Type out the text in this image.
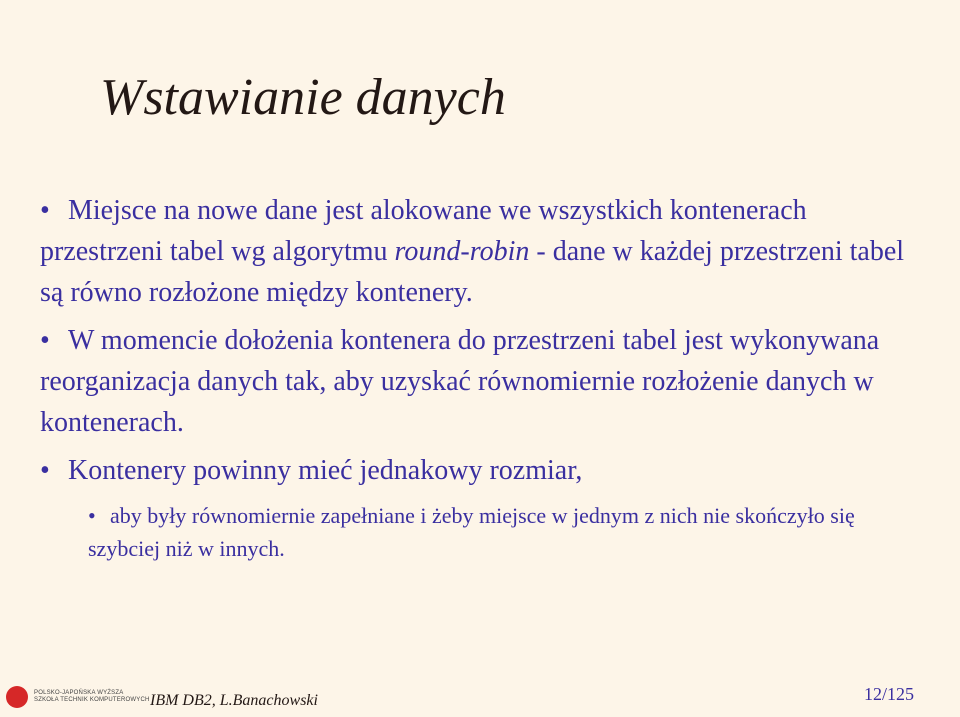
Wstawianie danych
• Miejsce na nowe dane jest alokowane we wszystkich kontenerach przestrzeni tabel wg algorytmu round-robin - dane w każdej przestrzeni tabel są równo rozłożone między kontenery.
• W momencie dołożenia kontenera do przestrzeni tabel jest wykonywana reorganizacja danych tak, aby uzyskać równomiernie rozłożenie danych w kontenerach.
• Kontenery powinny mieć jednakowy rozmiar,
• aby były równomiernie zapełniane i żeby miejsce w jednym z nich nie skończyło się szybciej niż w innych.
POLSKO-JAPOŃSKA WYŻSZA
SZKOŁA TECHNIK KOMPUTEROWYCH IBM DB2, L.Banachowski	12/125
